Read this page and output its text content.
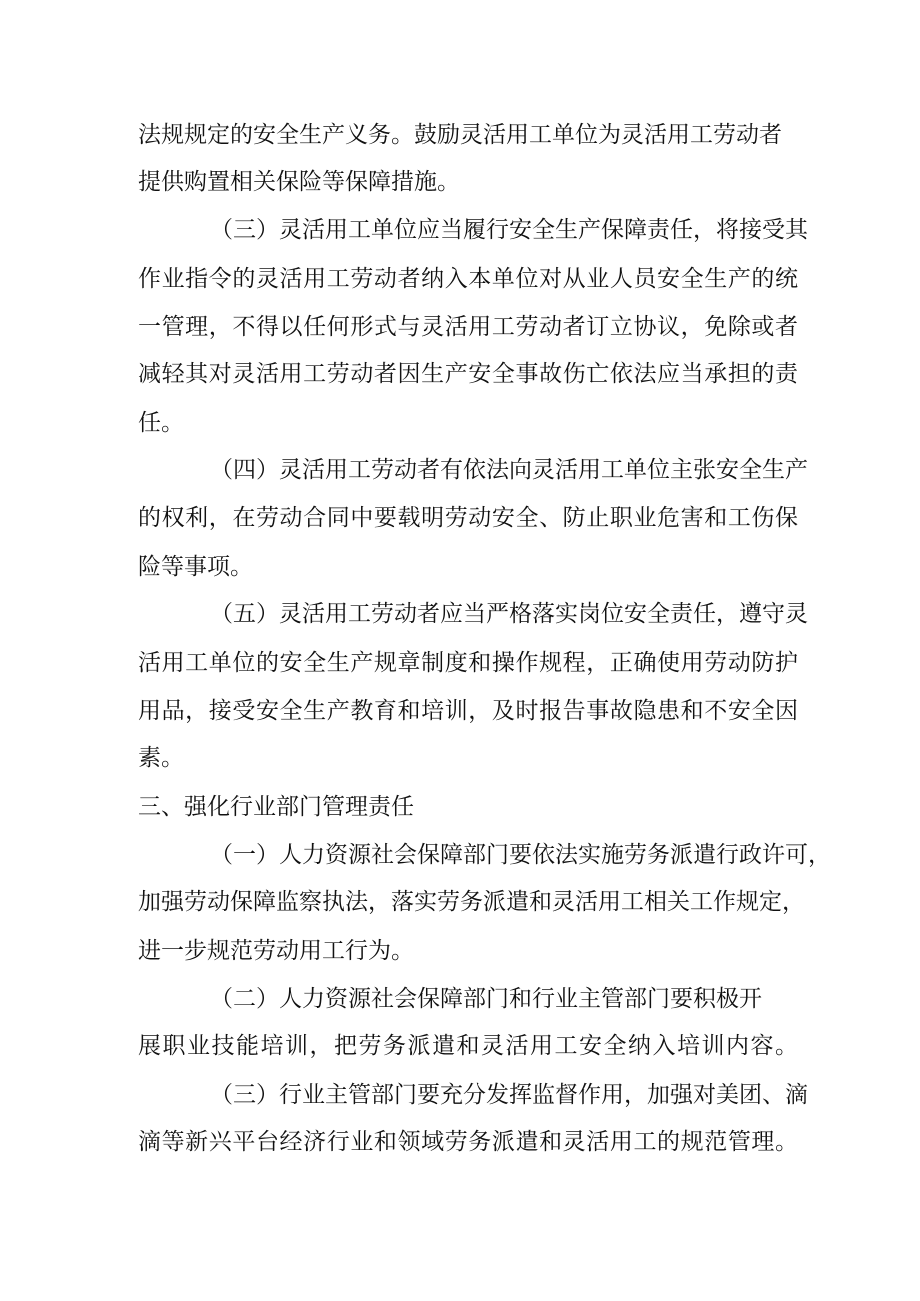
法规规定的安全生产义务。鼓励灵活用工单位为灵活用工劳动者

提供购置相关保险等保障措施。

（三）灵活用工单位应当履行安全生产保障责任，将接受其

作业指令的灵活用工劳动者纳入本单位对从业人员安全生产的统

一管理，不得以任何形式与灵活用工劳动者订立协议，免除或者

减轻其对灵活用工劳动者因生产安全事故伤亡依法应当承担的责

任。

（四）灵活用工劳动者有依法向灵活用工单位主张安全生产

的权利，在劳动合同中要载明劳动安全、防止职业危害和工伤保

险等事项。

（五）灵活用工劳动者应当严格落实岗位安全责任，遵守灵

活用工单位的安全生产规章制度和操作规程，正确使用劳动防护

用品，接受安全生产教育和培训，及时报告事故隐患和不安全因

素。

三、强化行业部门管理责任

（一）人力资源社会保障部门要依法实施劳务派遣行政许可，

加强劳动保障监察执法，落实劳务派遣和灵活用工相关工作规定，

进一步规范劳动用工行为。

（二）人力资源社会保障部门和行业主管部门要积极开

展职业技能培训，把劳务派遣和灵活用工安全纳入培训内容。

（三）行业主管部门要充分发挥监督作用，加强对美团、滴

滴等新兴平台经济行业和领域劳务派遣和灵活用工的规范管理。
